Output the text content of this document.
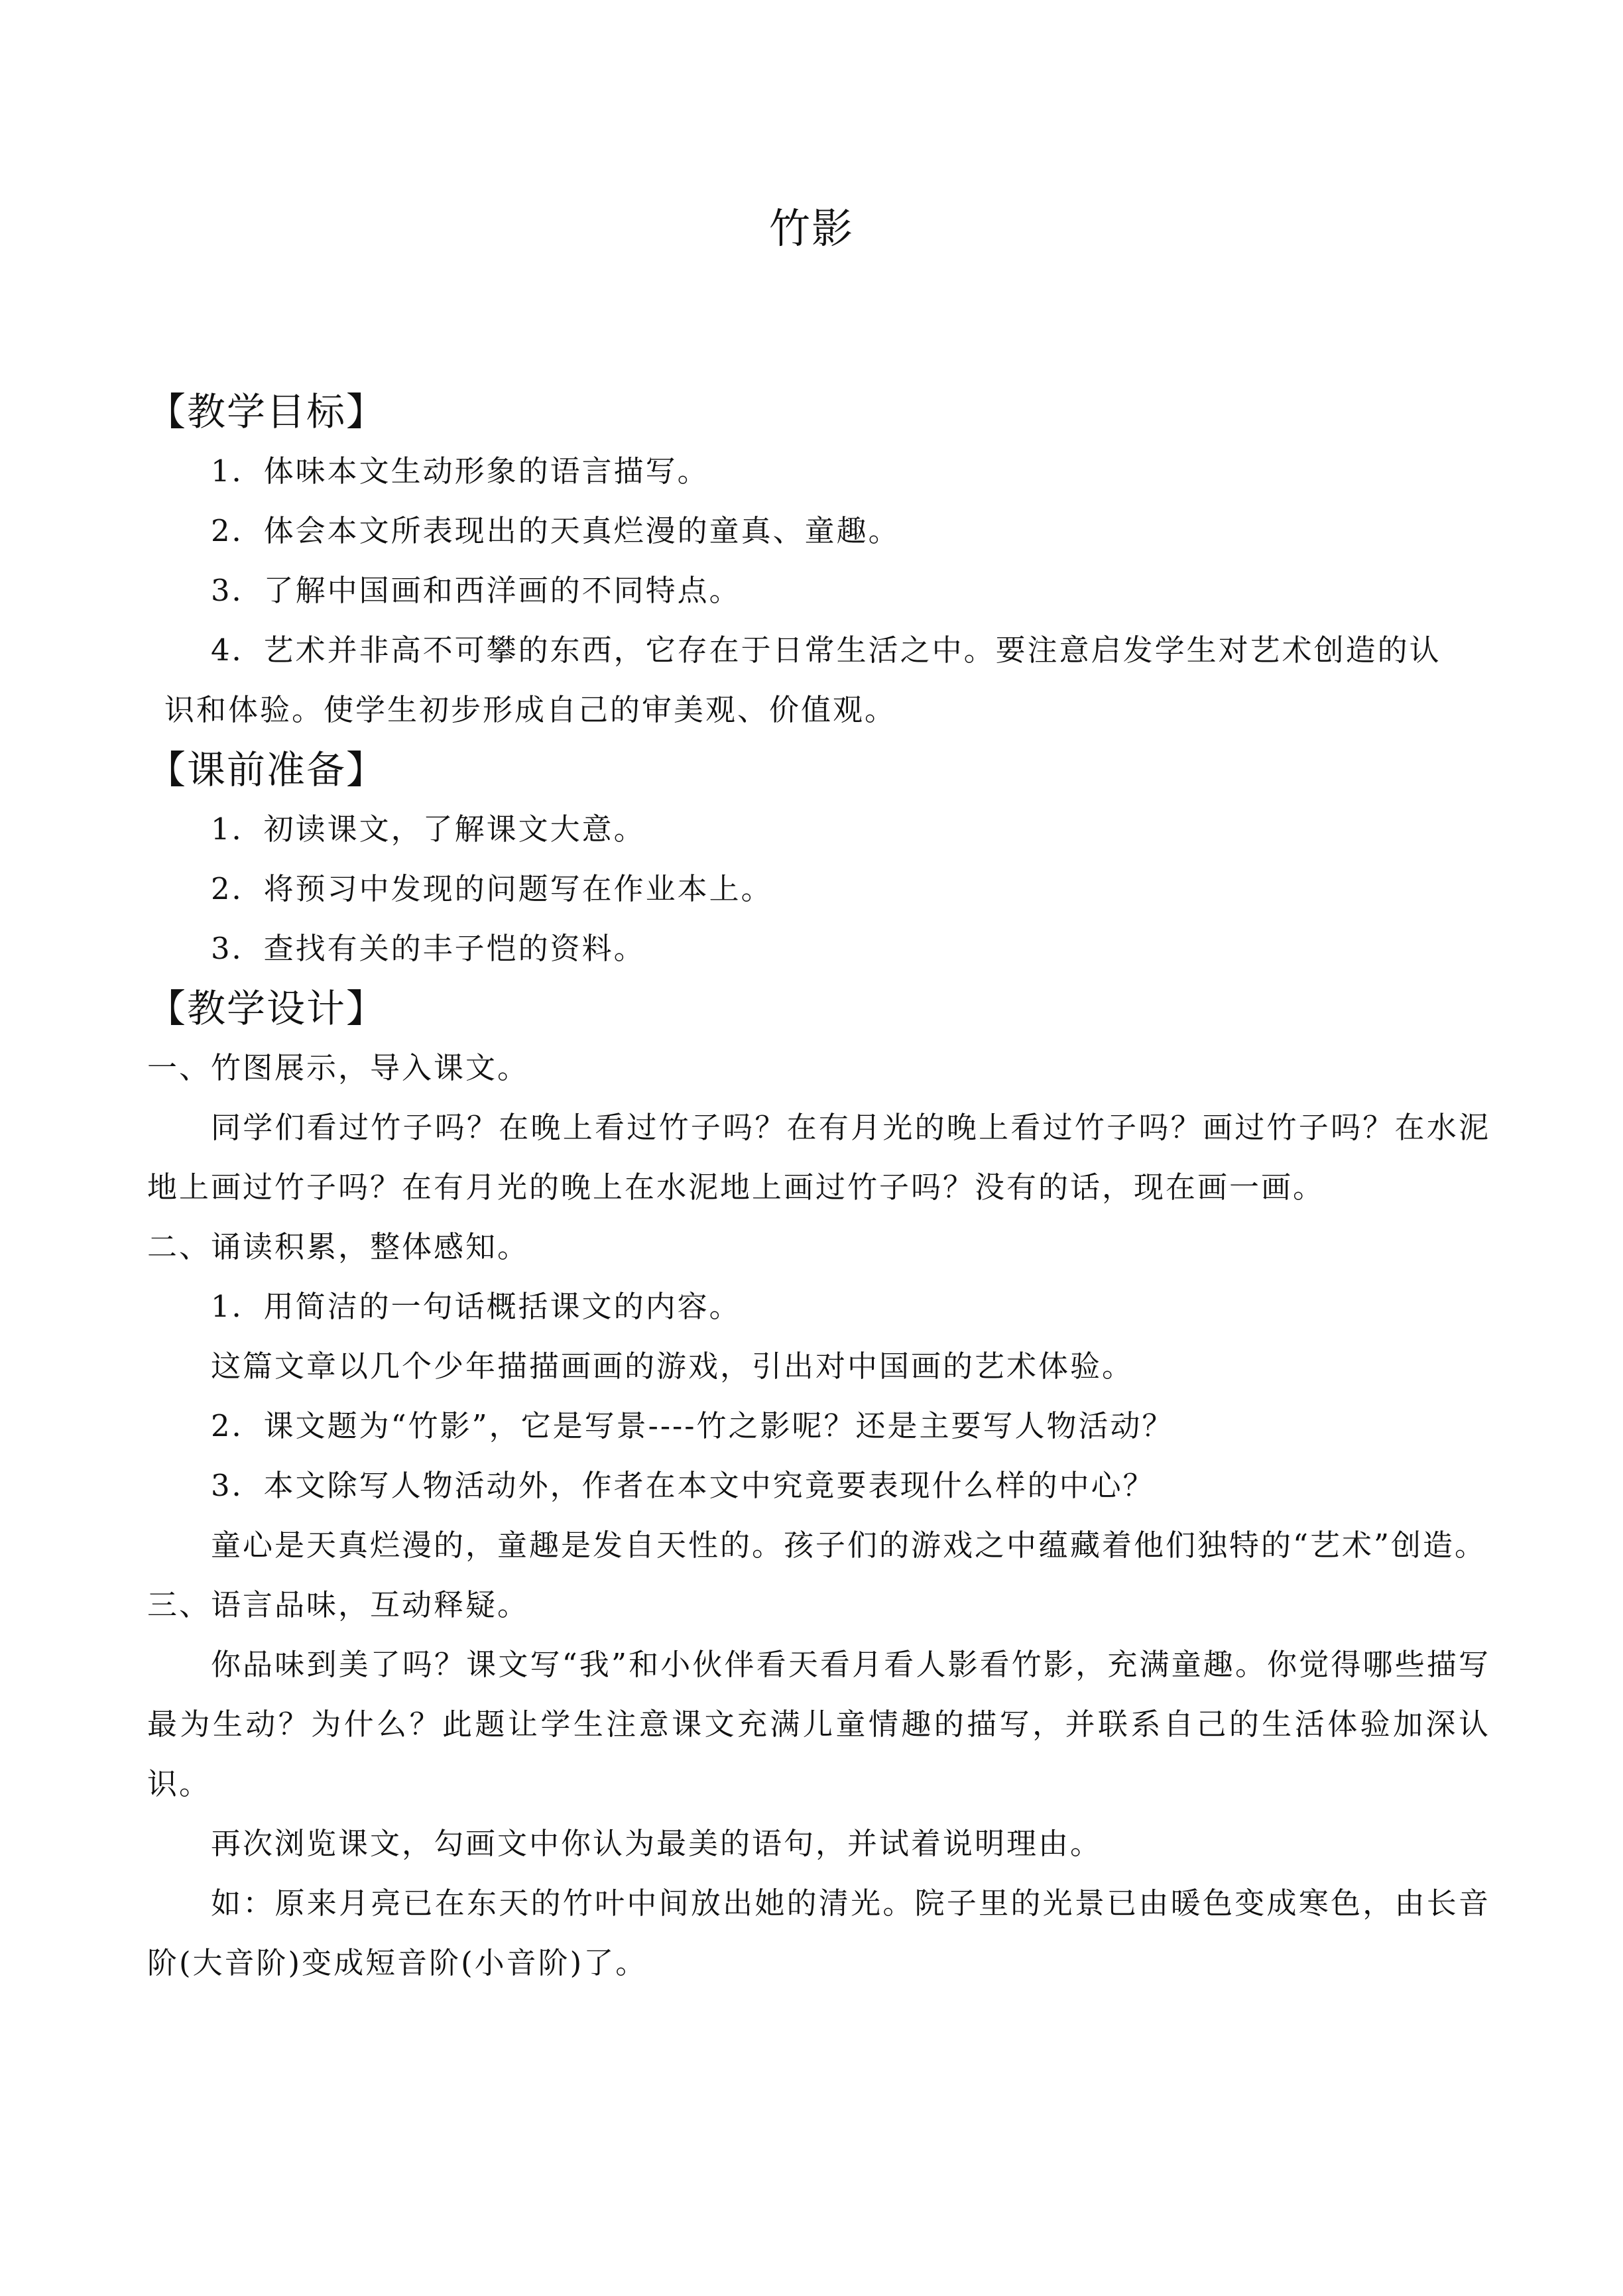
竹影

【教学目标】

1．体味本文生动形象的语言描写。

2．体会本文所表现出的天真烂漫的童真、童趣。

3．了解中国画和西洋画的不同特点。

4．艺术并非高不可攀的东西，它存在于日常生活之中。要注意启发学生对艺术创造的认

识和体验。使学生初步形成自己的审美观、价值观。

【课前准备】

1．初读课文，了解课文大意。

2．将预习中发现的问题写在作业本上。

3．查找有关的丰子恺的资料。

【教学设计】

一、竹图展示，导入课文。

同学们看过竹子吗？在晚上看过竹子吗？在有月光的晚上看过竹子吗？画过竹子吗？在水泥地上画过竹子吗？在有月光的晚上在水泥地上画过竹子吗？没有的话，现在画一画。

二、诵读积累，整体感知。

1．用简洁的一句话概括课文的内容。

这篇文章以几个少年描描画画的游戏，引出对中国画的艺术体验。

2．课文题为“竹影”，它是写景----竹之影呢？还是主要写人物活动？

3．本文除写人物活动外，作者在本文中究竟要表现什么样的中心？

童心是天真烂漫的，童趣是发自天性的。孩子们的游戏之中蕴藏着他们独特的“艺术”创造。

三、语言品味，互动释疑。

你品味到美了吗？课文写“我”和小伙伴看天看月看人影看竹影，充满童趣。你觉得哪些描写最为生动？为什么？此题让学生注意课文充满儿童情趣的描写，并联系自己的生活体验加深认识。

再次浏览课文，勾画文中你认为最美的语句，并试着说明理由。

如：原来月亮已在东天的竹叶中间放出她的清光。院子里的光景已由暖色变成寒色，由长音阶(大音阶)变成短音阶(小音阶)了。
